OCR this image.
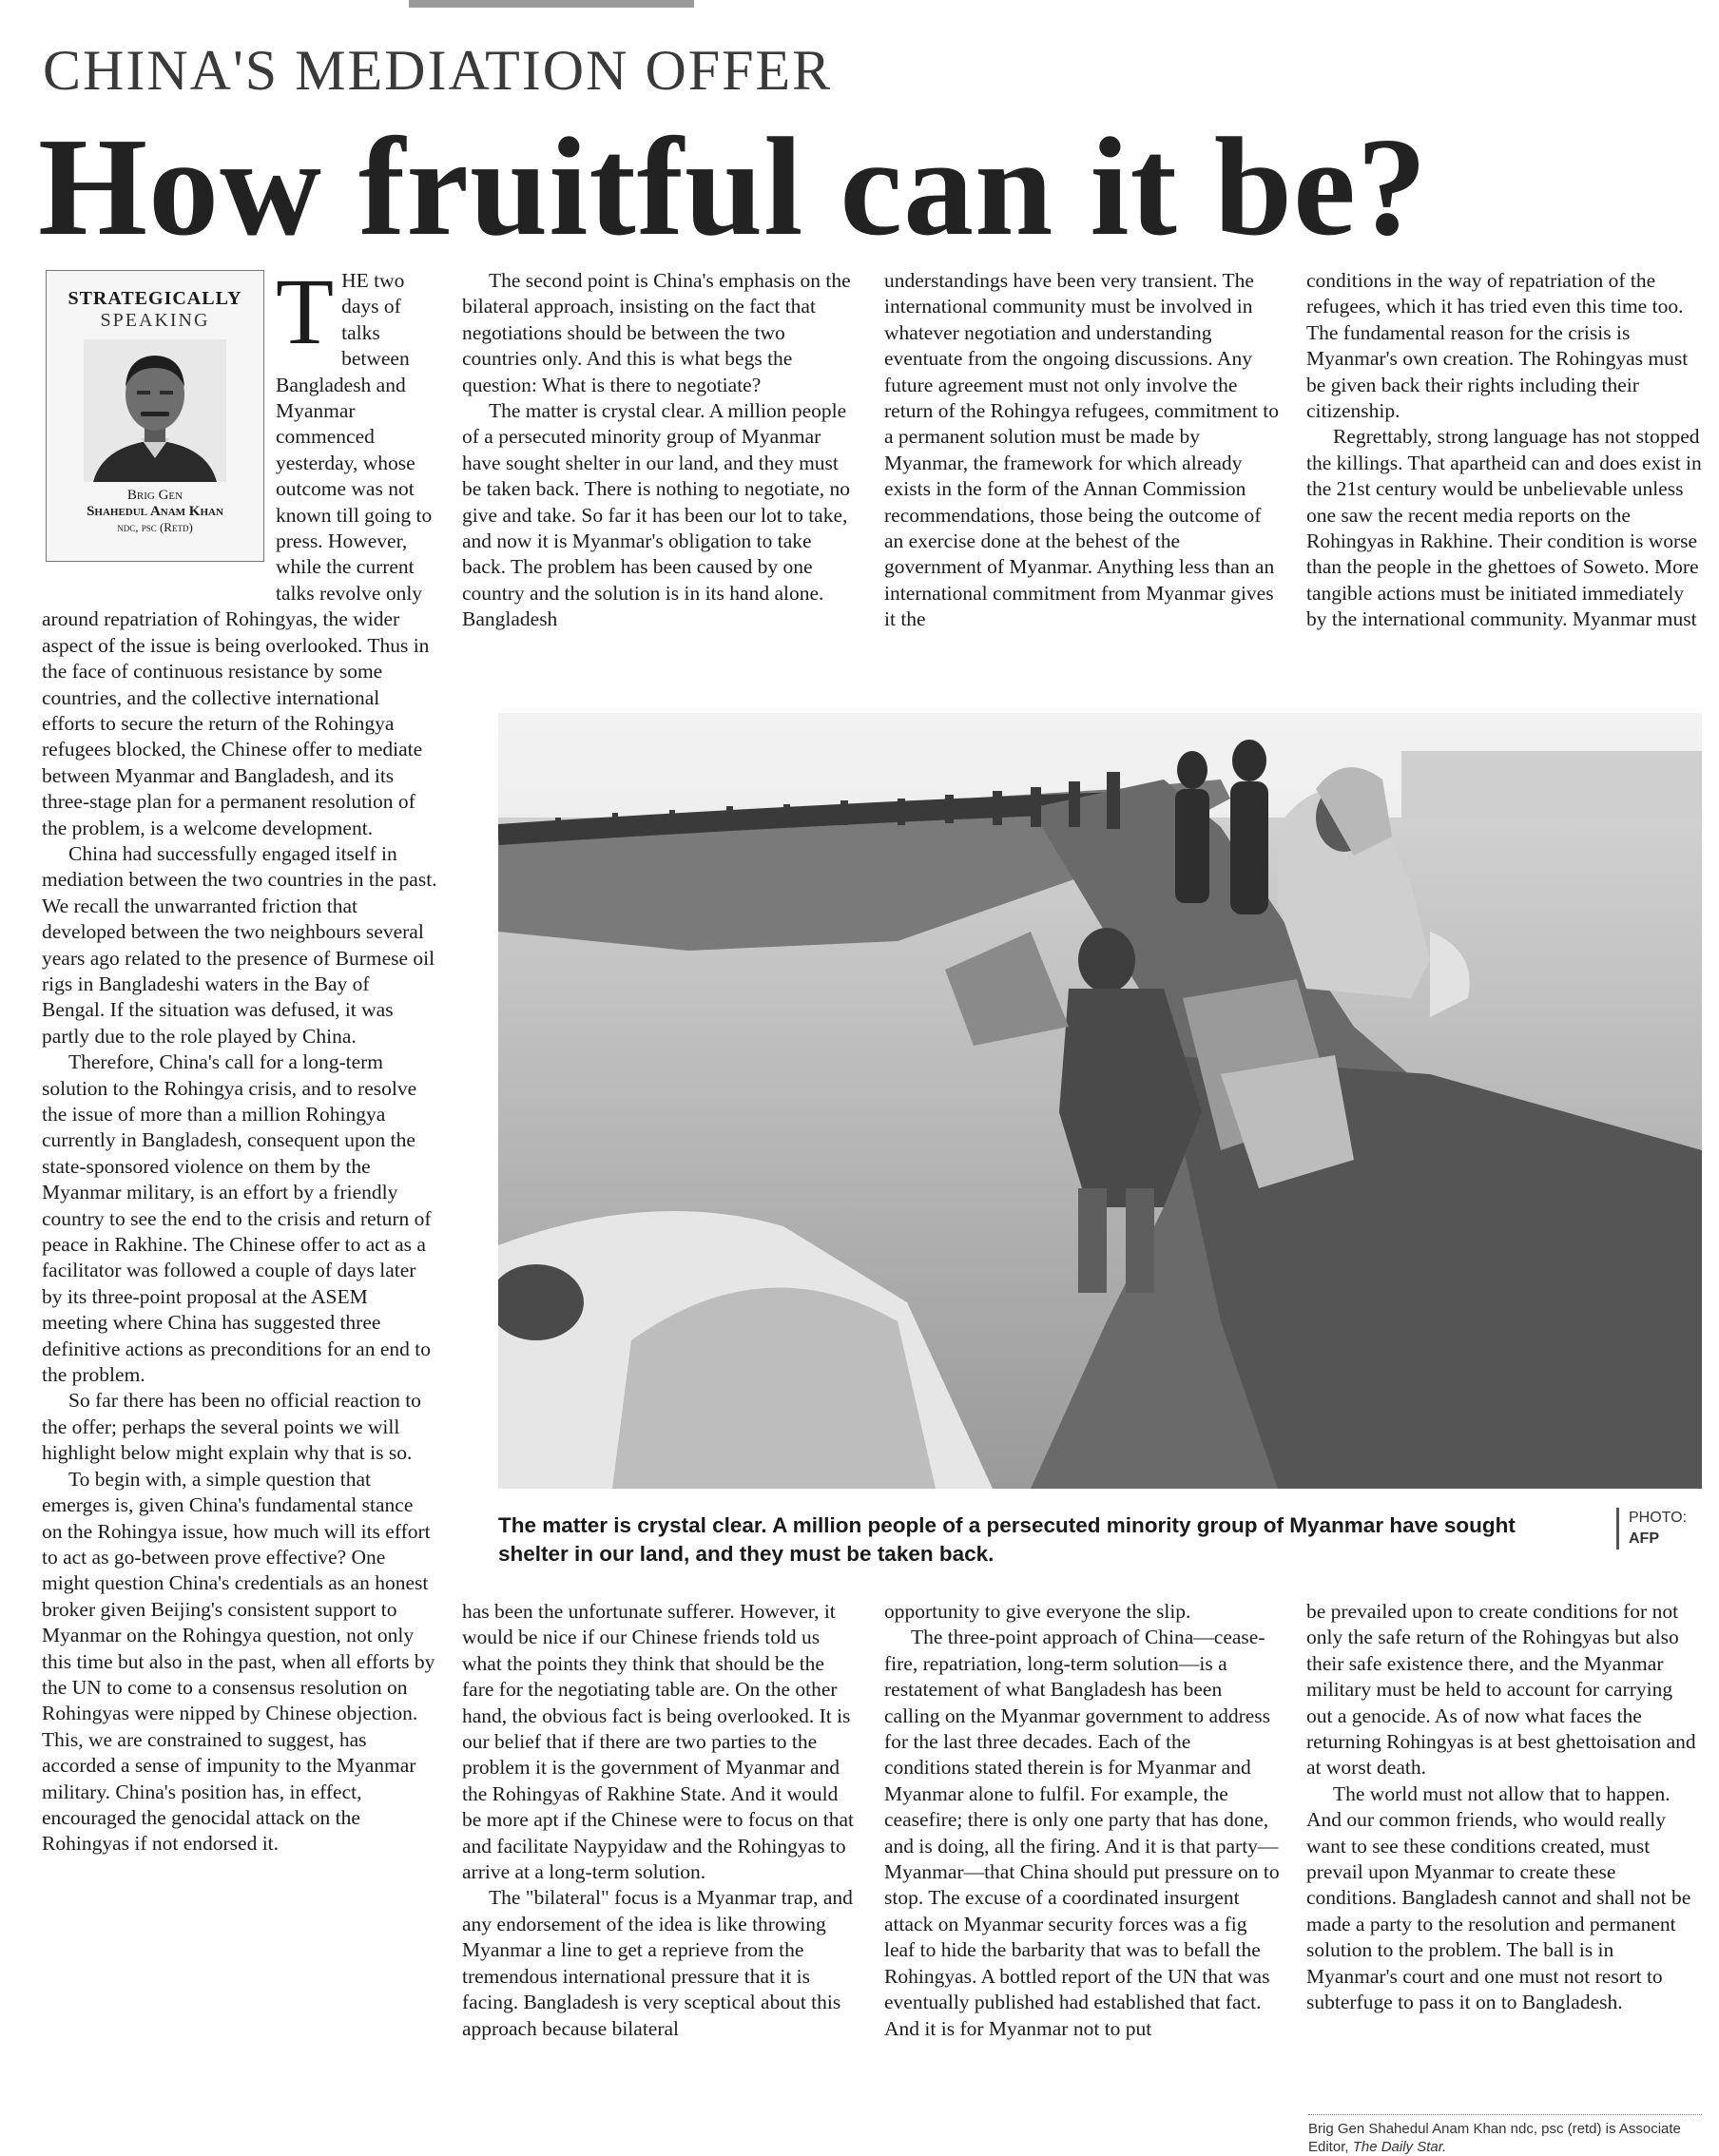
CHINA'S MEDIATION OFFER
How fruitful can it be?
STRATEGICALLY
SPEAKING
Brig Gen
Shahedul Anam Khan
ndc, psc (Retd)
T HE two days of talks between Bangladesh and Myanmar commenced yesterday, whose outcome was not known till going to press. However, while the current talks revolve only around repatriation of Rohingyas, the wider aspect of the issue is being overlooked. Thus in the face of continuous resistance by some countries, and the collective international efforts to secure the return of the Rohingya refugees blocked, the Chinese offer to mediate between Myanmar and Bangladesh, and its three-stage plan for a permanent resolution of the problem, is a welcome development.

China had successfully engaged itself in mediation between the two countries in the past. We recall the unwarranted friction that developed between the two neighbours several years ago related to the presence of Burmese oil rigs in Bangladeshi waters in the Bay of Bengal. If the situation was defused, it was partly due to the role played by China.

Therefore, China's call for a long-term solution to the Rohingya crisis, and to resolve the issue of more than a million Rohingya currently in Bangladesh, consequent upon the state-sponsored violence on them by the Myanmar military, is an effort by a friendly country to see the end to the crisis and return of peace in Rakhine. The Chinese offer to act as a facilitator was followed a couple of days later by its three-point proposal at the ASEM meeting where China has suggested three definitive actions as preconditions for an end to the problem.

So far there has been no official reaction to the offer; perhaps the several points we will highlight below might explain why that is so.

To begin with, a simple question that emerges is, given China's fundamental stance on the Rohingya issue, how much will its effort to act as go-between prove effective? One might question China's credentials as an honest broker given Beijing's consistent support to Myanmar on the Rohingya question, not only this time but also in the past, when all efforts by the UN to come to a consensus resolution on Rohingyas were nipped by Chinese objection. This, we are constrained to suggest, has accorded a sense of impunity to the Myanmar military. China's position has, in effect, encouraged the genocidal attack on the Rohingyas if not endorsed it.

The second point is China's emphasis on the bilateral approach, insisting on the fact that negotiations should be between the two countries only. And this is what begs the question: What is there to negotiate?

The matter is crystal clear. A million people of a persecuted minority group of Myanmar have sought shelter in our land, and they must be taken back. There is nothing to negotiate, no give and take. So far it has been our lot to take, and now it is Myanmar's obligation to take back. The problem has been caused by one country and the solution is in its hand alone. Bangladesh

understandings have been very transient. The international community must be involved in whatever negotiation and understanding eventuate from the ongoing discussions. Any future agreement must not only involve the return of the Rohingya refugees, commitment to a permanent solution must be made by Myanmar, the framework for which already exists in the form of the Annan Commission recommendations, those being the outcome of an exercise done at the behest of the government of Myanmar. Anything less than an international commitment from Myanmar gives it the

conditions in the way of repatriation of the refugees, which it has tried even this time too. The fundamental reason for the crisis is Myanmar's own creation. The Rohingyas must be given back their rights including their citizenship.

Regrettably, strong language has not stopped the killings. That apartheid can and does exist in the 21st century would be unbelievable unless one saw the recent media reports on the Rohingyas in Rakhine. Their condition is worse than the people in the ghettoes of Soweto. More tangible actions must be initiated immediately by the international community. Myanmar must

The matter is crystal clear. A million people of a persecuted minority group of Myanmar have sought shelter in our land, and they must be taken back.
PHOTO:
AFP

has been the unfortunate sufferer. However, it would be nice if our Chinese friends told us what the points they think that should be the fare for the negotiating table are. On the other hand, the obvious fact is being overlooked. It is our belief that if there are two parties to the problem it is the government of Myanmar and the Rohingyas of Rakhine State. And it would be more apt if the Chinese were to focus on that and facilitate Naypyidaw and the Rohingyas to arrive at a long-term solution.

The "bilateral" focus is a Myanmar trap, and any endorsement of the idea is like throwing Myanmar a line to get a reprieve from the tremendous international pressure that it is facing. Bangladesh is very sceptical about this approach because bilateral

opportunity to give everyone the slip.

The three-point approach of China—cease-fire, repatriation, long-term solution—is a restatement of what Bangladesh has been calling on the Myanmar government to address for the last three decades. Each of the conditions stated therein is for Myanmar and Myanmar alone to fulfil. For example, the ceasefire; there is only one party that has done, and is doing, all the firing. And it is that party—Myanmar—that China should put pressure on to stop. The excuse of a coordinated insurgent attack on Myanmar security forces was a fig leaf to hide the barbarity that was to befall the Rohingyas. A bottled report of the UN that was eventually published had established that fact. And it is for Myanmar not to put

be prevailed upon to create conditions for not only the safe return of the Rohingyas but also their safe existence there, and the Myanmar military must be held to account for carrying out a genocide. As of now what faces the returning Rohingyas is at best ghettoisation and at worst death.

The world must not allow that to happen. And our common friends, who would really want to see these conditions created, must prevail upon Myanmar to create these conditions. Bangladesh cannot and shall not be made a party to the resolution and permanent solution to the problem. The ball is in Myanmar's court and one must not resort to subterfuge to pass it on to Bangladesh.

Brig Gen Shahedul Anam Khan ndc, psc (retd) is Associate Editor, The Daily Star.
